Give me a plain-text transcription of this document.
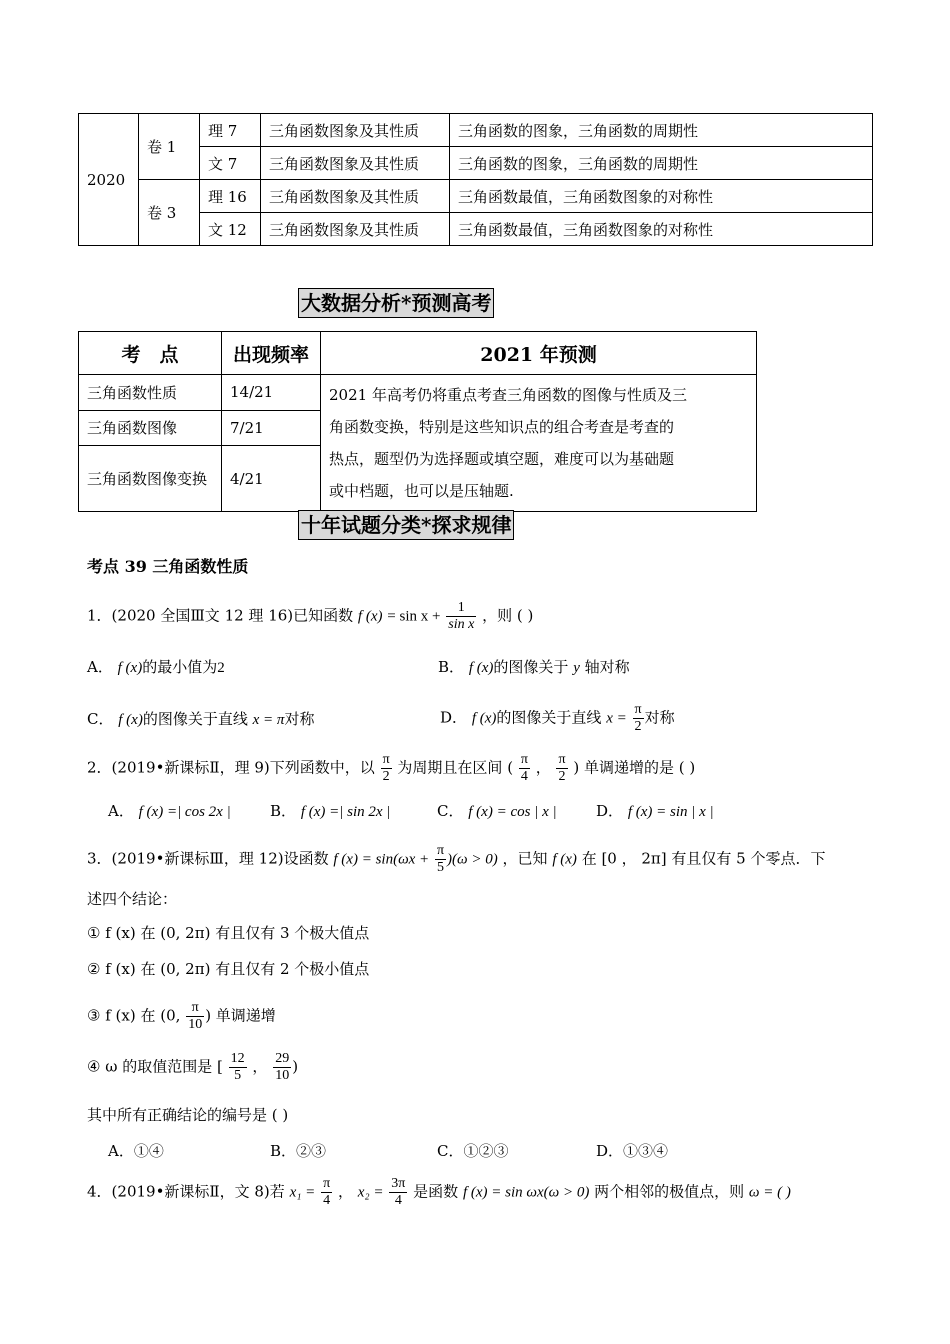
2020	卷 1	理 7	三角函数图象及其性质	三角函数的图象，三角函数的周期性
		文 7	三角函数图象及其性质	三角函数的图象，三角函数的周期性
	卷 3	理 16	三角函数图象及其性质	三角函数最值，三角函数图象的对称性
		文 12	三角函数图象及其性质	三角函数最值，三角函数图象的对称性
大数据分析*预测高考
考　点	出现频率	2021 年预测
三角函数性质	14/21	2021 年高考仍将重点考查三角函数的图像与性质及三
角函数变换，特别是这些知识点的组合考查是考查的
热点，题型仍为选择题或填空题，难度可以为基础题
或中档题，也可以是压轴题.

三角函数图像	7/21	
三角函数图像变换	4/21	
十年试题分类*探求规律
考点 39 三角函数性质
1．(2020 全国Ⅲ文 12 理 16)已知函数 f $(x) = \sin x + \frac{1}{\text{sin x}}$ ，则 ( )
A． f (x)的最小值为2	B． f (x)的图像关于 y 轴对称
C． f (x)的图像关于直线 x = π对称	D． f (x)的图像关于直线 $x = \frac{\pi}{2}$ 对称
2．(2019•新课标Ⅱ，理 9)下列函数中，以 $\frac{\pi}{2}$ 为周期且在区间 ( $\frac{\pi}{4}$ ， $\frac{\pi}{2}$ ) 单调递增的是 ( )
A． f (x) =| cos 2x |	B． f (x) =| sin 2x |	C． f (x) = cos | x |	D． f (x) = sin | x |
3．(2019•新课标Ⅲ，理 12)设函数 f $(x) = \sin(\omega x + \frac{\pi}{5} )(\omega > 0)$ ，已知 f (x) 在 [0 ， 2π] 有且仅有 5 个零点．下
述四个结论：
① f (x) 在 (0, 2π) 有且仅有 3 个极大值点
② f (x) 在 (0, 2π) 有且仅有 2 个极小值点
③ f (x) 在 (0, $\frac{\pi}{10}$ ) 单调递增
④ ω 的取值范围是 [ $\frac{12}{5}$ ， $\frac{29}{10}$ )
其中所有正确结论的编号是 ( )
A．①④	B．②③	C．①②③	D．①③④
4．(2019•新课标Ⅱ，文 8)若 $x_1 = \frac{\pi}{4}$ ， $x_2 = \frac{3\pi}{4}$ 是函数 f (x) = sin ωx(ω > 0) 两个相邻的极值点，则 ω = ( )
